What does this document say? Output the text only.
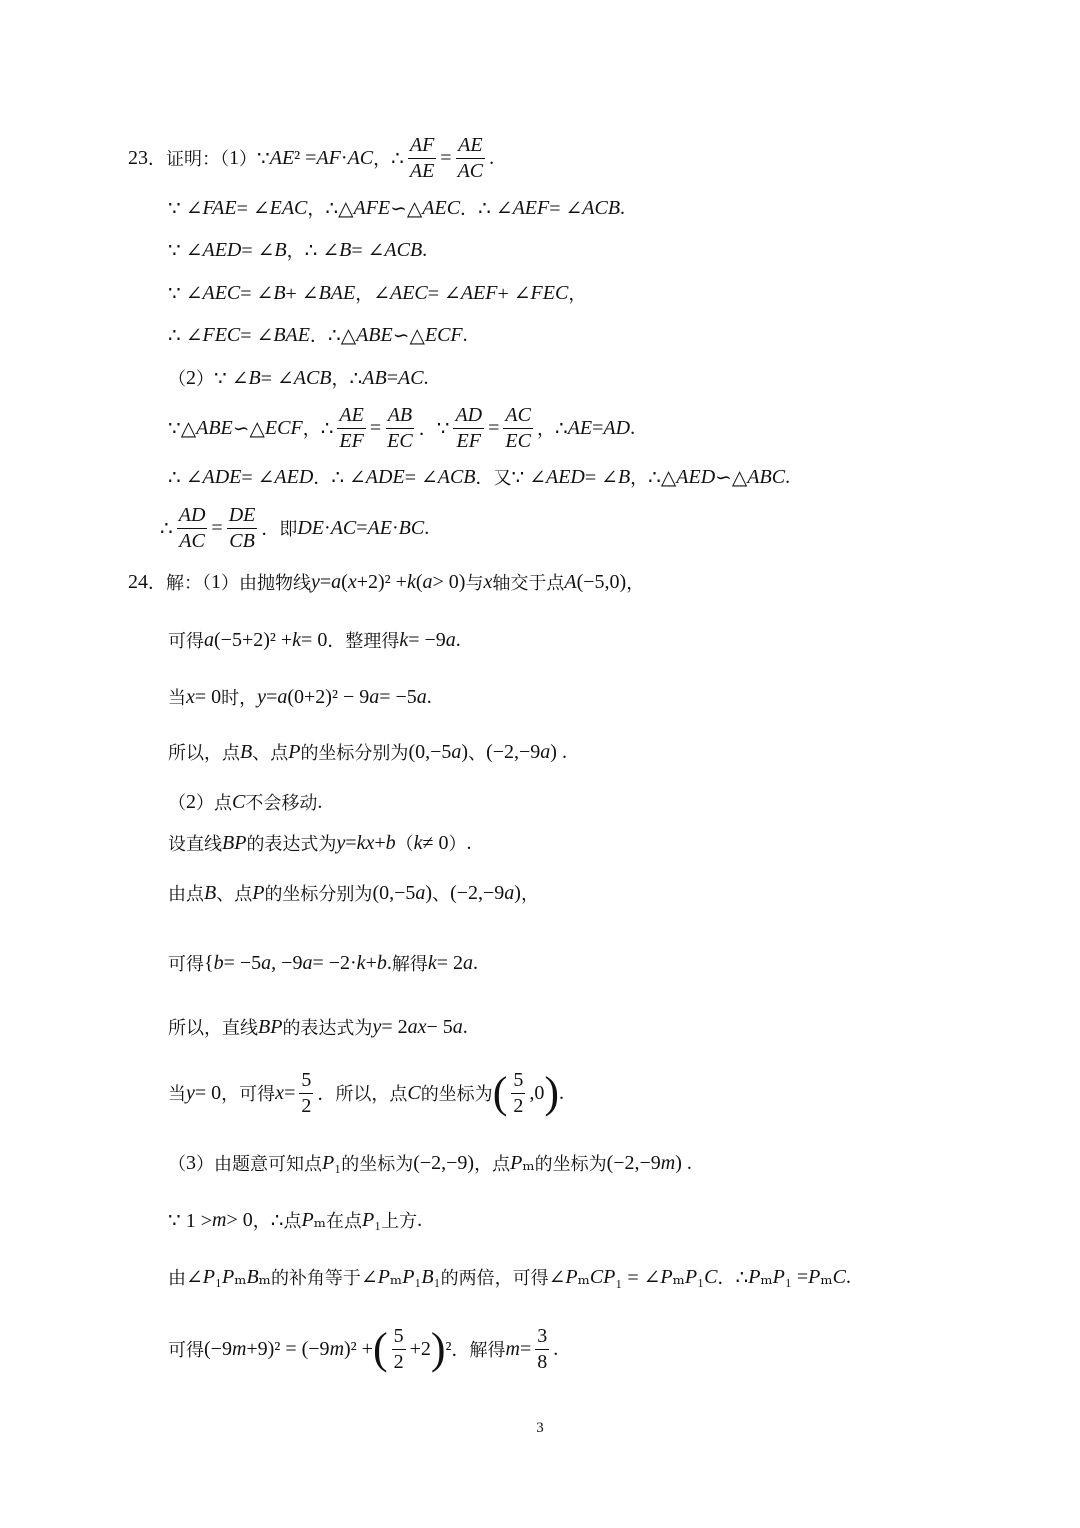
23 ．证明：（ 1 ） ∵ AE ² = AF · AC ， ∴ $\frac{AF}{AE} = \frac{AE}{AC}$ .
∵ ∠ FAE = ∠ EAC ， ∴△ AFE ∽△ AEC ． ∴ ∠ AEF = ∠ ACB .
∵ ∠ AED = ∠ B ， ∴ ∠ B = ∠ ACB .
∵ ∠ AEC = ∠ B + ∠ BAE ， ∠ AEC = ∠ AEF + ∠ FEC ，
∴ ∠ FEC = ∠ BAE ． ∴△ ABE ∽△ ECF .
（ 2 ） ∵ ∠ B = ∠ ACB ， ∴ AB = AC .
∵△ ABE ∽△ ECF ， ∴ $\frac{AE}{EF} = \frac{AB}{EC}$ ． ∵ $\frac{AD}{EF} = \frac{AC}{EC}$ ， ∴ AE = AD .
∴ ∠ ADE = ∠ AED ． ∴ ∠ ADE = ∠ ACB ．又 ∵ ∠ AED = ∠ B ， ∴△ AED ∽△ ABC .
∴ $\frac{AD}{AC} = \frac{DE}{CB}$ ．即 DE · AC = AE · BC .
24 ．解：（ 1 ）由抛物线 y = a ( x +2)² + k ( a > 0) 与 x 轴交于点 A (−5,0) ，
可得 a (−5+2)² + k = 0 ．整理得 k = −9 a .
当 x = 0 时， y = a (0+2)² − 9 a = −5 a .
所以，点 B 、点 P 的坐标分别为 (0,−5 a ) 、 (−2,−9 a ) .
（ 2 ）点 C 不会移动 .
设直线 BP 的表达式为 y = kx + b （ k ≠ 0 ） .
由点 B 、点 P 的坐标分别为 (0,−5 a ) 、 (−2,−9 a ) ，
可得 { b = −5 a , −9 a = −2· k + b . 解得 k = 2 a .
所以，直线 BP 的表达式为 y = 2 ax − 5 a .
当 y = 0 ，可得 $x = \frac{5}{2}$ ．所以，点 C 的坐标为 ( $\frac{5}{2} ,0$ ) .
（ 3 ）由题意可知 点 P ₁ 的坐标为 (−2,−9) ，点 P ₘ 的坐标为 (−2,−9 m ) .
∵ 1 > m > 0 ， ∴ 点 P ₘ 在点 P ₁ 上方 .
由 ∠ P ₁ P ₘ B ₘ 的补角等于 ∠ P ₘ P ₁ B ₁ 的两倍，可得 ∠ P ₘ CP ₁ = ∠ P ₘ P ₁ C ． ∴ P ₘ P ₁ = P ₘ C .
可得 (−9 m +9)² = (−9 m )² + ( $\frac{5}{2} +2$ ) ² ．解得 $m = \frac{3}{8}$ .
3
